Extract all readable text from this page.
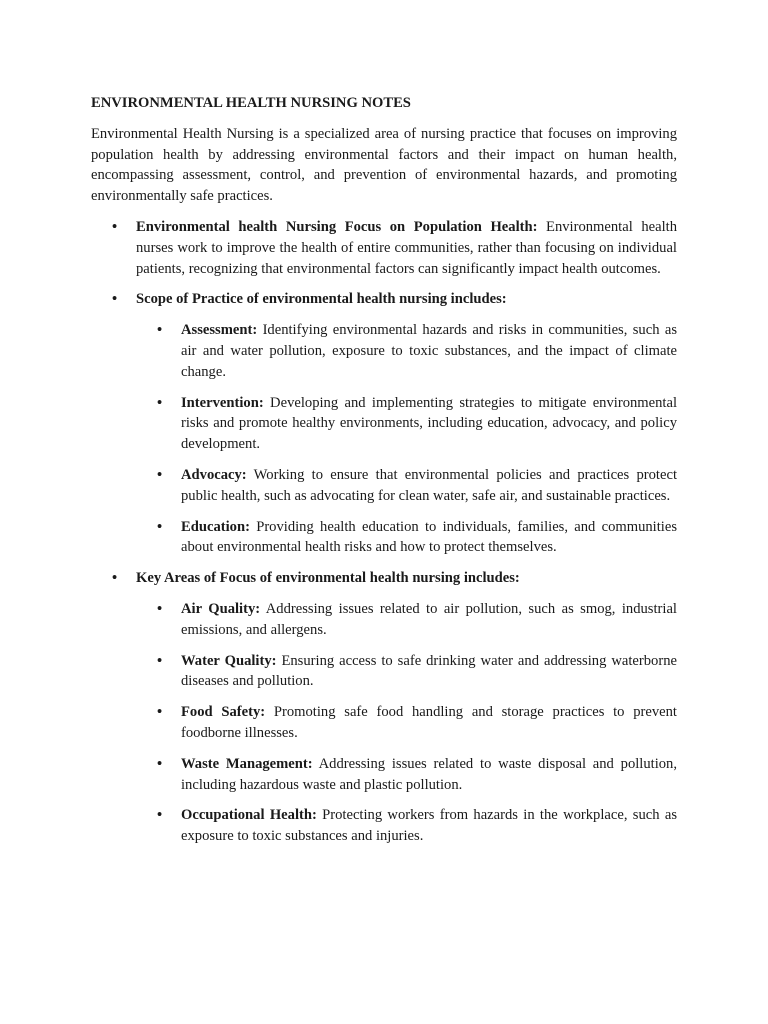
ENVIRONMENTAL HEALTH NURSING NOTES

Environmental Health Nursing is a specialized area of nursing practice that focuses on improving population health by addressing environmental factors and their impact on human health, encompassing assessment, control, and prevention of environmental hazards, and promoting environmentally safe practices.

• Environmental health Nursing Focus on Population Health: Environmental health nurses work to improve the health of entire communities, rather than focusing on individual patients, recognizing that environmental factors can significantly impact health outcomes.
• Scope of Practice of environmental health nursing includes:
• Assessment: Identifying environmental hazards and risks in communities, such as air and water pollution, exposure to toxic substances, and the impact of climate change.
• Intervention: Developing and implementing strategies to mitigate environmental risks and promote healthy environments, including education, advocacy, and policy development.
• Advocacy: Working to ensure that environmental policies and practices protect public health, such as advocating for clean water, safe air, and sustainable practices.
• Education: Providing health education to individuals, families, and communities about environmental health risks and how to protect themselves.
• Key Areas of Focus of environmental health nursing includes:
• Air Quality: Addressing issues related to air pollution, such as smog, industrial emissions, and allergens.
• Water Quality: Ensuring access to safe drinking water and addressing waterborne diseases and pollution.
• Food Safety: Promoting safe food handling and storage practices to prevent foodborne illnesses.
• Waste Management: Addressing issues related to waste disposal and pollution, including hazardous waste and plastic pollution.
• Occupational Health: Protecting workers from hazards in the workplace, such as exposure to toxic substances and injuries.
